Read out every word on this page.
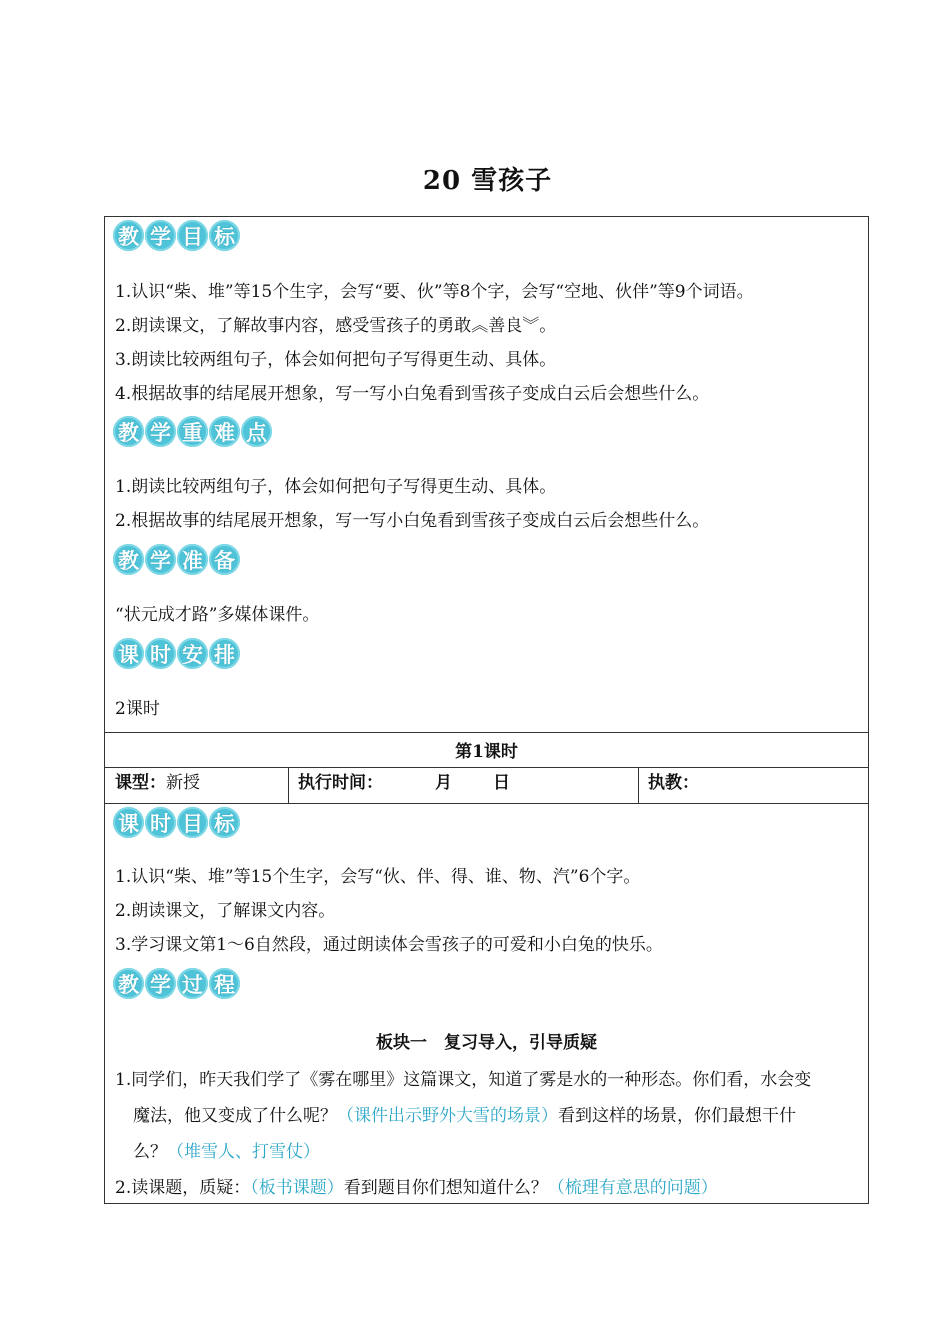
20 雪孩子
教 学 目 标
1.认识“柴、堆”等15个生字，会写“要、伙”等8个字，会写“空地、伙伴”等9个词语。
2.朗读课文，了解故事内容，感受雪孩子的勇敢︽善良︾。
3.朗读比较两组句子，体会如何把句子写得更生动、具体。
4.根据故事的结尾展开想象，写一写小白兔看到雪孩子变成白云后会想些什么。
教 学 重 难 点
1.朗读比较两组句子，体会如何把句子写得更生动、具体。
2.根据故事的结尾展开想象，写一写小白兔看到雪孩子变成白云后会想些什么。
教 学 准 备
“状元成才路”多媒体课件。
课 时 安 排
2课时
第1课时
课型：新授	执行时间：	月 日	执教：
课 时 目 标
1.认识“柴、堆”等15个生字，会写“伙、伴、得、谁、物、汽”6个字。
2.朗读课文，了解课文内容。
3.学习课文第1～6自然段，通过朗读体会雪孩子的可爱和小白兔的快乐。
教 学 过 程
板块一　复习导入，引导质疑
1.同学们，昨天我们学了《雾在哪里》这篇课文，知道了雾是水的一种形态。你们看，水会变
魔法，他又变成了什么呢？（课件出示野外大雪的场景）看到这样的场景，你们最想干什
么？（堆雪人、打雪仗）
2.读课题，质疑：（板书课题）看到题目你们想知道什么？（梳理有意思的问题）
